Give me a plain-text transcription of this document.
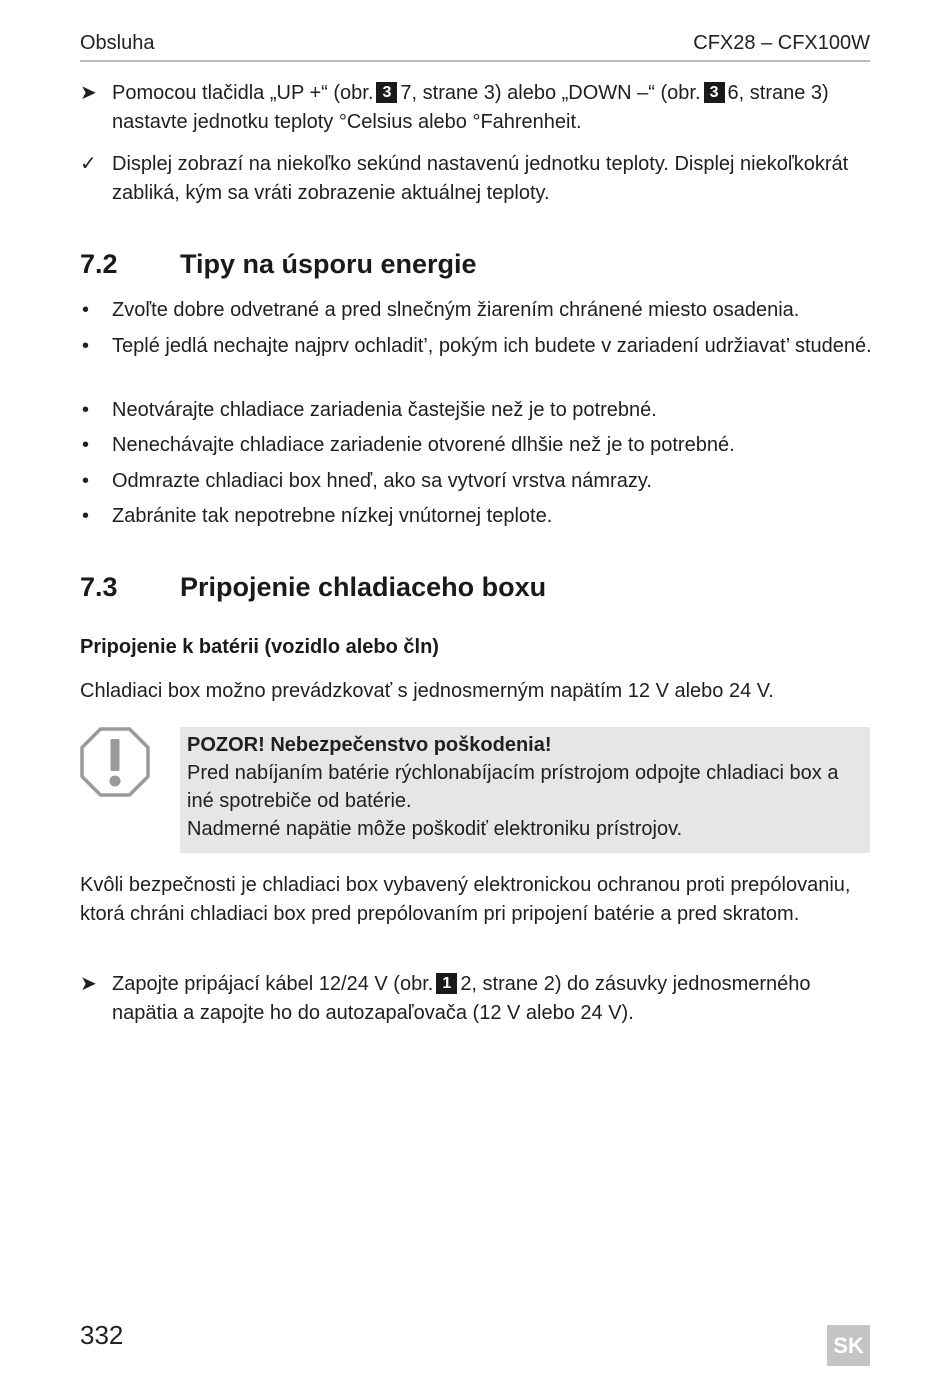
Obsluha	CFX28 – CFX100W
➤ Pomocou tlačidla „UP +“ (obr. 3 7, strane 3) alebo „DOWN –“ (obr. 3 6, strane 3) nastavte jednotku teploty °Celsius alebo °Fahrenheit.
✓ Displej zobrazí na niekoľko sekúnd nastavenú jednotku teploty. Displej niekoľkokrát zabliká, kým sa vráti zobrazenie aktuálnej teploty.
7.2 Tipy na úsporu energie
•	Zvoľte dobre odvetrané a pred slnečným žiarením chránené miesto osadenia.
•	Teplé jedlá nechajte najprv ochladit’, pokým ich budete v zariadení udržiavat’ studené.
•	Neotvárajte chladiace zariadenia častejšie než je to potrebné.
•	Nenechávajte chladiace zariadenie otvorené dlhšie než je to potrebné.
•	Odmrazte chladiaci box hneď, ako sa vytvorí vrstva námrazy.
•	Zabránite tak nepotrebne nízkej vnútornej teplote.
7.3 Pripojenie chladiaceho boxu
Pripojenie k batérii (vozidlo alebo čln)
Chladiaci box možno prevádzkovať s jednosmerným napätím 12 V alebo 24 V.
POZOR! Nebezpečenstvo poškodenia!
Pred nabíjaním batérie rýchlonabíjacím prístrojom odpojte chladiaci box a iné spotrebiče od batérie.
Nadmerné napätie môže poškodiť elektroniku prístrojov.
Kvôli bezpečnosti je chladiaci box vybavený elektronickou ochranou proti prepólovaniu, ktorá chráni chladiaci box pred prepólovaním pri pripojení batérie a pred skratom.
➤ Zapojte pripájací kábel 12/24 V (obr. 1 2, strane 2) do zásuvky jednosmerného napätia a zapojte ho do autozapaľovača (12 V alebo 24 V).
332	SK
